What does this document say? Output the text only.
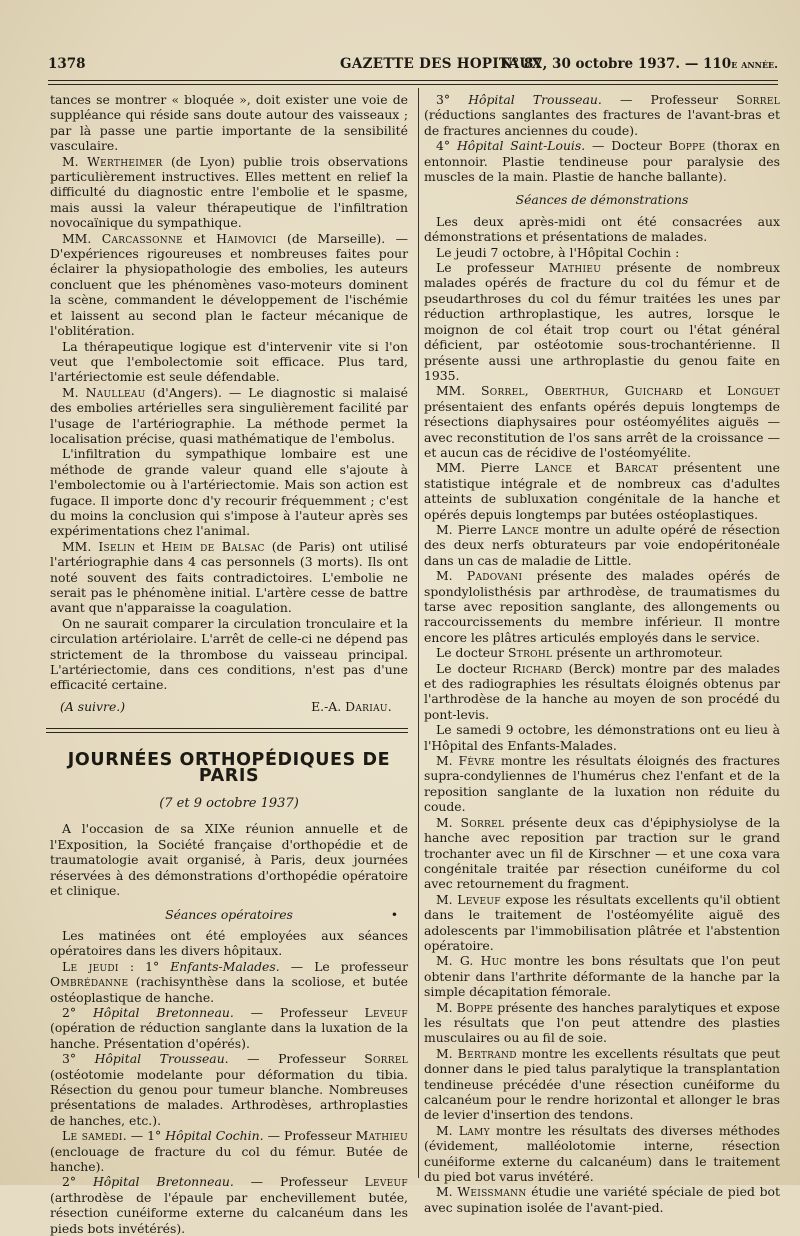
1378	GAZETTE DES HOPITAUX
N° 87, 30 octobre 1937. — 110e année.

tances se montrer « bloquée », doit exister une voie de suppléance qui réside sans doute autour des vaisseaux ; par là passe une partie importante de la sensibilité vasculaire.

M. Wertheimer (de Lyon) publie trois observations particulièrement instructives. Elles mettent en relief la difficulté du diagnostic entre l'embolie et le spasme, mais aussi la valeur thérapeutique de l'infiltration novocaïnique du sympathique.

MM. Carcassonne et Haimovici (de Marseille). — D'expériences rigoureuses et nombreuses faites pour éclairer la physiopathologie des embolies, les auteurs concluent que les phénomènes vaso-moteurs dominent la scène, commandent le développement de l'ischémie et laissent au second plan le facteur mécanique de l'oblitération.

La thérapeutique logique est d'intervenir vite si l'on veut que l'embolectomie soit efficace. Plus tard, l'artériectomie est seule défendable.

M. Naulleau (d'Angers). — Le diagnostic si malaisé des embolies artérielles sera singulièrement facilité par l'usage de l'artériographie. La méthode permet la localisation précise, quasi mathématique de l'embolus.

L'infiltration du sympathique lombaire est une méthode de grande valeur quand elle s'ajoute à l'embolectomie ou à l'artériectomie. Mais son action est fugace. Il importe donc d'y recourir fréquemment ; c'est du moins la conclusion qui s'impose à l'auteur après ses expérimentations chez l'animal.

MM. Iselin et Heim de Balsac (de Paris) ont utilisé l'artériographie dans 4 cas personnels (3 morts). Ils ont noté souvent des faits contradictoires. L'embolie ne serait pas le phénomène initial. L'artère cesse de battre avant que n'apparaisse la coagulation.

On ne saurait comparer la circulation tronculaire et la circulation artériolaire. L'arrêt de celle-ci ne dépend pas strictement de la thrombose du vaisseau principal. L'artériectomie, dans ces conditions, n'est pas d'une efficacité certaine.

(A suivre.)	E.-A. Dariau.
JOURNÉES ORTHOPÉDIQUES DE PARIS
(7 et 9 octobre 1937)

A l'occasion de sa XIXe réunion annuelle et de l'Exposition, la Société française d'orthopédie et de traumatologie avait organisé, à Paris, deux journées réservées à des démonstrations d'orthopédie opératoire et clinique.

Séances opératoires	•

Les matinées ont été employées aux séances opératoires dans les divers hôpitaux.

Le jeudi : 1° Enfants-Malades. — Le professeur Ombrédanne (rachisynthèse dans la scoliose, et butée ostéoplastique de hanche.

2° Hôpital Bretonneau. — Professeur Leveuf (opération de réduction sanglante dans la luxation de la hanche. Présentation d'opérés).

3° Hôpital Trousseau. — Professeur Sorrel (ostéotomie modelante pour déformation du tibia. Résection du genou pour tumeur blanche. Nombreuses présentations de malades. Arthrodèses, arthroplasties de hanches, etc.).

Le samedi. — 1° Hôpital Cochin. — Professeur Mathieu (enclouage de fracture du col du fémur. Butée de hanche).

2° Hôpital Bretonneau. — Professeur Leveuf (arthrodèse de l'épaule par enchevillement butée, résection cunéiforme externe du calcanéum dans les pieds bots invétérés).

3° Hôpital Trousseau. — Professeur Sorrel (réductions sanglantes des fractures de l'avant-bras et de fractures anciennes du coude).

4° Hôpital Saint-Louis. — Docteur Boppe (thorax en entonnoir. Plastie tendineuse pour paralysie des muscles de la main. Plastie de hanche ballante).

Séances de démonstrations

Les deux après-midi ont été consacrées aux démonstrations et présentations de malades.

Le jeudi 7 octobre, à l'Hôpital Cochin :

Le professeur Mathieu présente de nombreux malades opérés de fracture du col du fémur et de pseudarthroses du col du fémur traitées les unes par réduction arthroplastique, les autres, lorsque le moignon de col était trop court ou l'état général déficient, par ostéotomie sous-trochantérienne. Il présente aussi une arthroplastie du genou faite en 1935.

MM. Sorrel, Oberthur, Guichard et Longuet présentaient des enfants opérés depuis longtemps de résections diaphysaires pour ostéomyélites aiguës — avec reconstitution de l'os sans arrêt de la croissance — et aucun cas de récidive de l'ostéomyélite.

MM. Pierre Lance et Barcat présentent une statistique intégrale et de nombreux cas d'adultes atteints de subluxation congénitale de la hanche et opérés depuis longtemps par butées ostéoplastiques.

M. Pierre Lance montre un adulte opéré de résection des deux nerfs obturateurs par voie endopéritonéale dans un cas de maladie de Little.

M. Padovani présente des malades opérés de spondylolisthésis par arthrodèse, de traumatismes du tarse avec reposition sanglante, des allongements ou raccourcissements du membre inférieur. Il montre encore les plâtres articulés employés dans le service.

Le docteur Strohl présente un arthromoteur.

Le docteur Richard (Berck) montre par des malades et des radiographies les résultats éloignés obtenus par l'arthrodèse de la hanche au moyen de son procédé du pont-levis.

Le samedi 9 octobre, les démonstrations ont eu lieu à l'Hôpital des Enfants-Malades.

M. Fèvre montre les résultats éloignés des fractures supra-condyliennes de l'humérus chez l'enfant et de la reposition sanglante de la luxation non réduite du coude.

M. Sorrel présente deux cas d'épiphysiolyse de la hanche avec reposition par traction sur le grand trochanter avec un fil de Kirschner — et une coxa vara congénitale traitée par résection cunéiforme du col avec retournement du fragment.

M. Leveuf expose les résultats excellents qu'il obtient dans le traitement de l'ostéomyélite aiguë des adolescents par l'immobilisation plâtrée et l'abstention opératoire.

M. G. Huc montre les bons résultats que l'on peut obtenir dans l'arthrite déformante de la hanche par la simple décapitation fémorale.

M. Boppe présente des hanches paralytiques et expose les résultats que l'on peut attendre des plasties musculaires ou au fil de soie.

M. Bertrand montre les excellents résultats que peut donner dans le pied talus paralytique la transplantation tendineuse précédée d'une résection cunéiforme du calcanéum pour le rendre horizontal et allonger le bras de levier d'insertion des tendons.

M. Lamy montre les résultats des diverses méthodes (évidement, malléolotomie interne, résection cunéiforme externe du calcanéum) dans le traitement du pied bot varus invétéré.

M. Weissmann étudie une variété spéciale de pied bot avec supination isolée de l'avant-pied.
